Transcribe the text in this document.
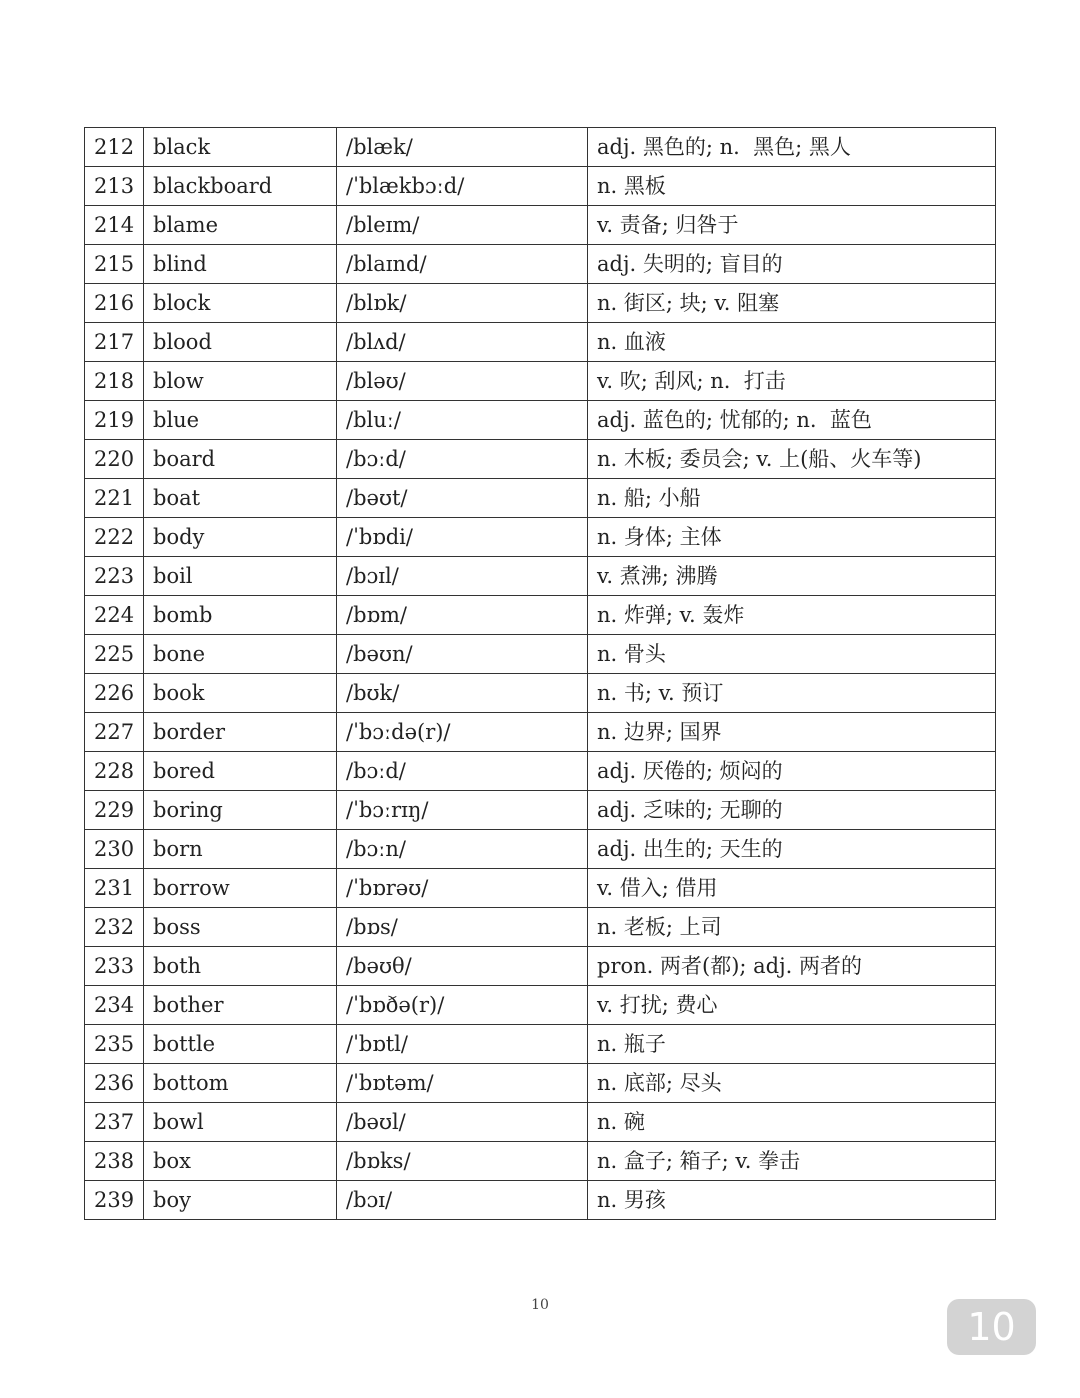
212	black	/blæk/	adj. 黑色的; n.  黑色; 黑人
213	blackboard	/ˈblækbɔːd/	n. 黑板
214	blame	/bleɪm/	v. 责备; 归咎于
215	blind	/blaɪnd/	adj. 失明的; 盲目的
216	block	/blɒk/	n. 街区; 块; v. 阻塞
217	blood	/blʌd/	n. 血液
218	blow	/bləʊ/	v. 吹; 刮风; n.  打击
219	blue	/bluː/	adj. 蓝色的; 忧郁的; n.  蓝色
220	board	/bɔːd/	n. 木板; 委员会; v. 上(船、火车等)
221	boat	/bəʊt/	n. 船; 小船
222	body	/ˈbɒdi/	n. 身体; 主体
223	boil	/bɔɪl/	v. 煮沸; 沸腾
224	bomb	/bɒm/	n. 炸弹; v. 轰炸
225	bone	/bəʊn/	n. 骨头
226	book	/bʊk/	n. 书; v. 预订
227	border	/ˈbɔːdə(r)/	n. 边界; 国界
228	bored	/bɔːd/	adj. 厌倦的; 烦闷的
229	boring	/ˈbɔːrɪŋ/	adj. 乏味的; 无聊的
230	born	/bɔːn/	adj. 出生的; 天生的
231	borrow	/ˈbɒrəʊ/	v. 借入; 借用
232	boss	/bɒs/	n. 老板; 上司
233	both	/bəʊθ/	pron. 两者(都); adj. 两者的
234	bother	/ˈbɒðə(r)/	v. 打扰; 费心
235	bottle	/ˈbɒtl/	n. 瓶子
236	bottom	/ˈbɒtəm/	n. 底部; 尽头
237	bowl	/bəʊl/	n. 碗
238	box	/bɒks/	n. 盒子; 箱子; v. 拳击
239	boy	/bɔɪ/	n. 男孩
10	10
